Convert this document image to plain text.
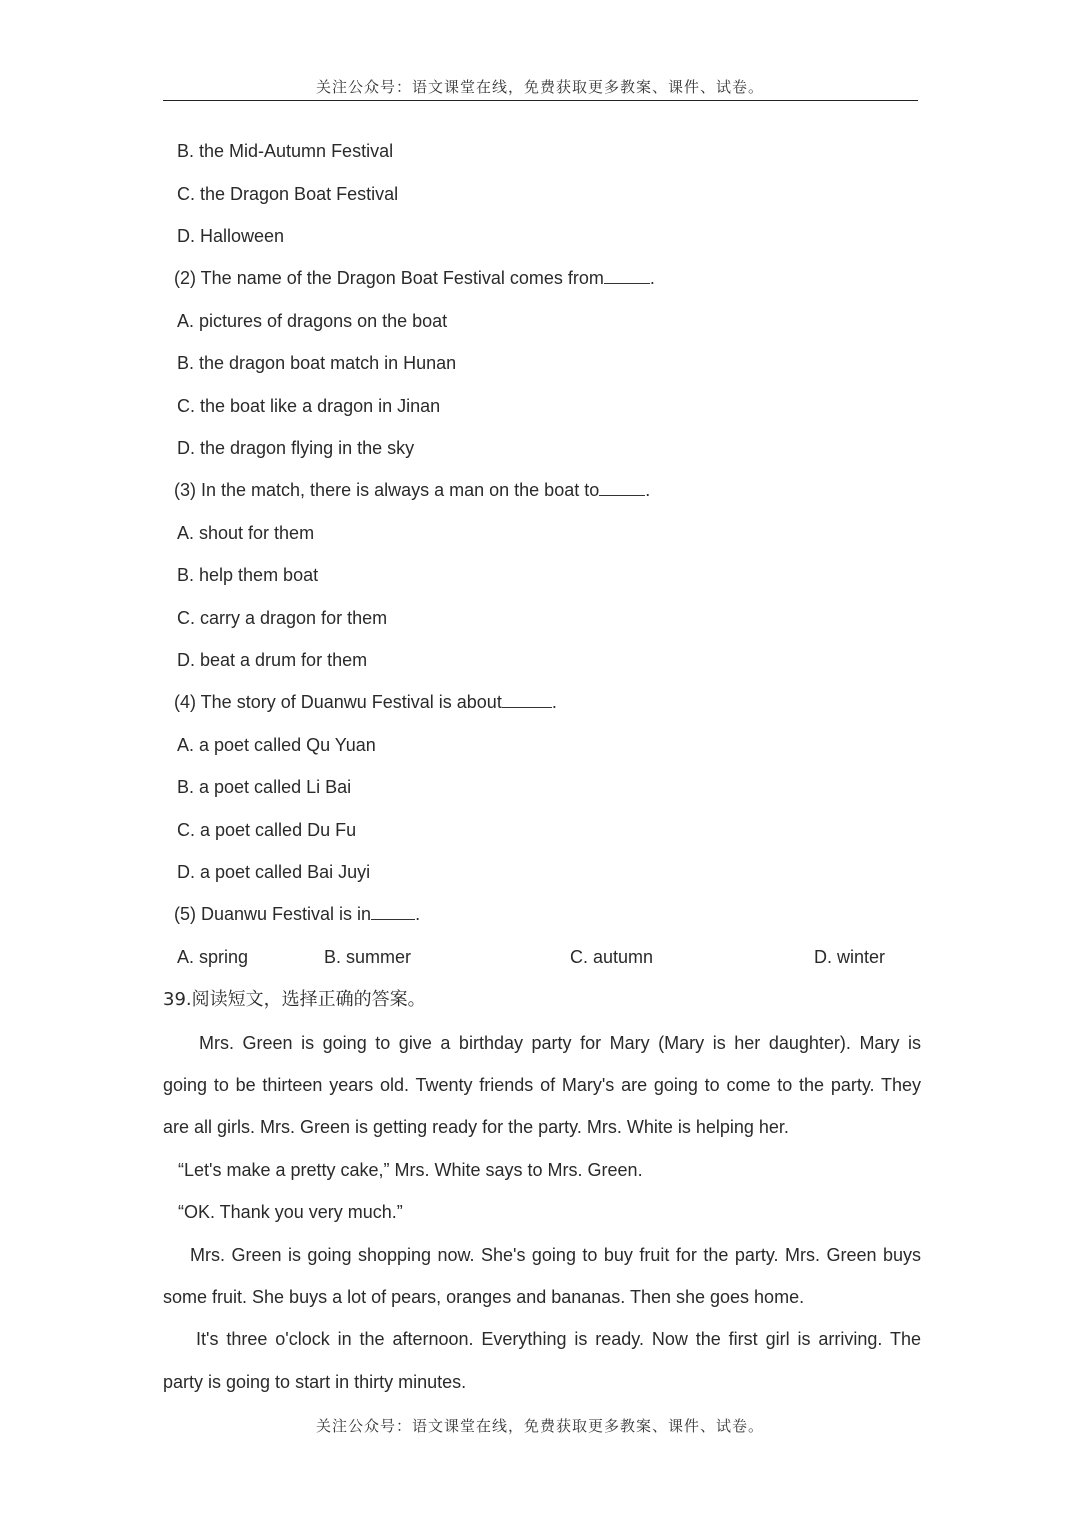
关注公众号：语文课堂在线，免费获取更多教案、课件、试卷。
B. the Mid-Autumn Festival
C. the Dragon Boat Festival
D. Halloween
(2) The name of the Dragon Boat Festival comes from	.
A. pictures of dragons on the boat
B. the dragon boat match in Hunan
C. the boat like a dragon in Jinan
D. the dragon flying in the sky
(3) In the match, there is always a man on the boat to	.
A. shout for them
B. help them boat
C. carry a dragon for them
D. beat a drum for them
(4) The story of Duanwu Festival is about	.
A. a poet called Qu Yuan
B. a poet called Li Bai
C. a poet called Du Fu
D. a poet called Bai Juyi
(5) Duanwu Festival is in .
A. spring	B. summer	C. autumn	D. winter
39.阅读短文，选择正确的答案。
Mrs. Green is going to give a birthday party for Mary (Mary is her daughter). Mary is
going to be thirteen years old. Twenty friends of Mary's are going to come to the party. They
are all girls. Mrs. Green is getting ready for the party. Mrs. White is helping her.
“Let's make a pretty cake,” Mrs. White says to Mrs. Green.
“OK. Thank you very much.”
Mrs. Green is going shopping now. She's going to buy fruit for the party. Mrs. Green buys
some fruit. She buys a lot of pears, oranges and bananas. Then she goes home.
It's three o'clock in the afternoon. Everything is ready. Now the first girl is arriving. The
party is going to start in thirty minutes.
关注公众号：语文课堂在线，免费获取更多教案、课件、试卷。
